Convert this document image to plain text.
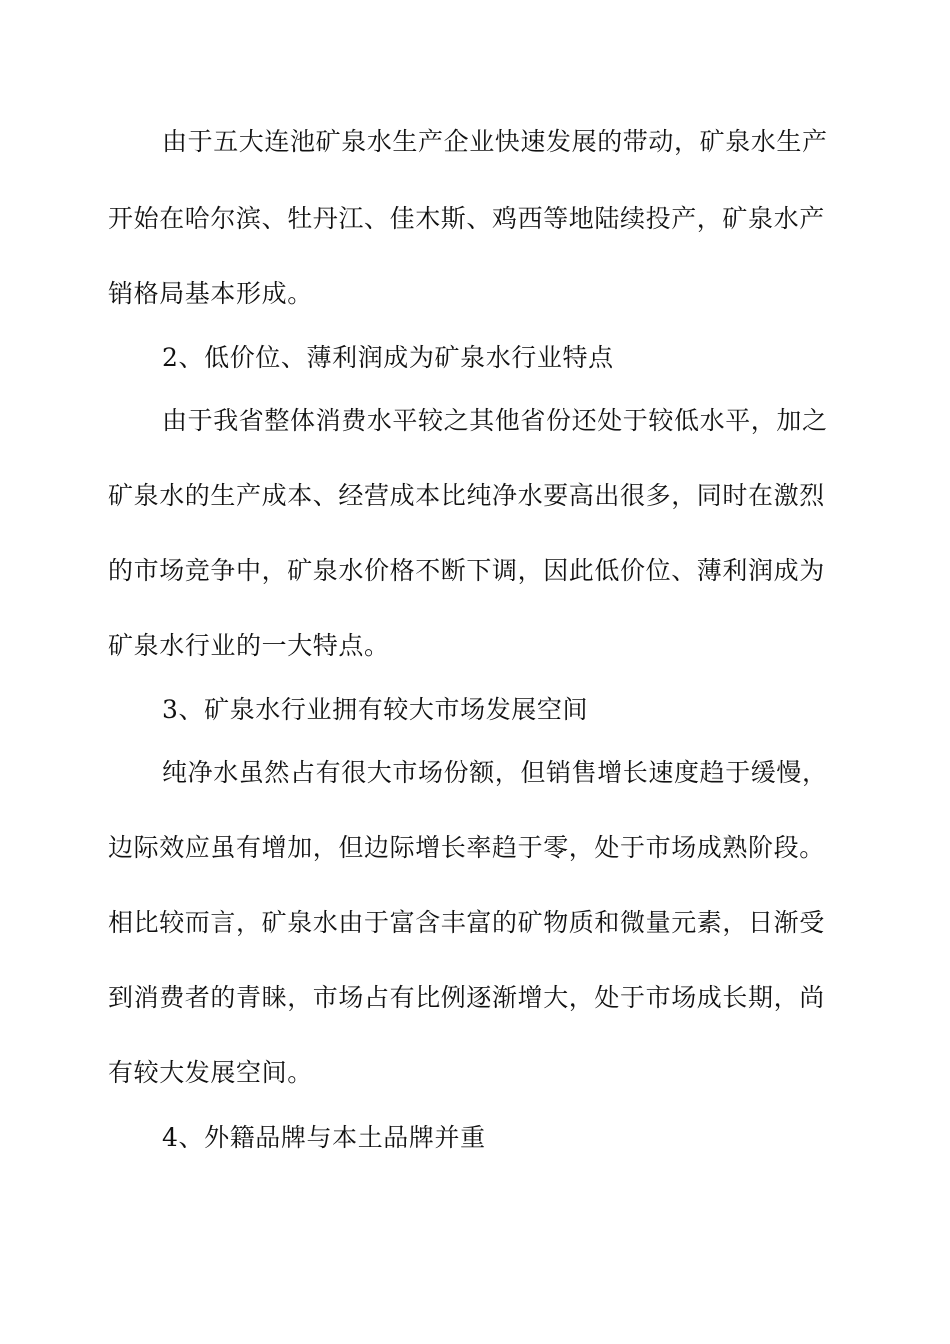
由于五大连池矿泉水生产企业快速发展的带动，矿泉水生产
开始在哈尔滨、牡丹江、佳木斯、鸡西等地陆续投产，矿泉水产
销格局基本形成。
2、低价位、薄利润成为矿泉水行业特点
由于我省整体消费水平较之其他省份还处于较低水平，加之
矿泉水的生产成本、经营成本比纯净水要高出很多，同时在激烈
的市场竞争中，矿泉水价格不断下调，因此低价位、薄利润成为
矿泉水行业的一大特点。
3、矿泉水行业拥有较大市场发展空间
纯净水虽然占有很大市场份额，但销售增长速度趋于缓慢，
边际效应虽有增加，但边际增长率趋于零，处于市场成熟阶段。
相比较而言，矿泉水由于富含丰富的矿物质和微量元素，日渐受
到消费者的青睐，市场占有比例逐渐增大，处于市场成长期，尚
有较大发展空间。
4、外籍品牌与本土品牌并重
